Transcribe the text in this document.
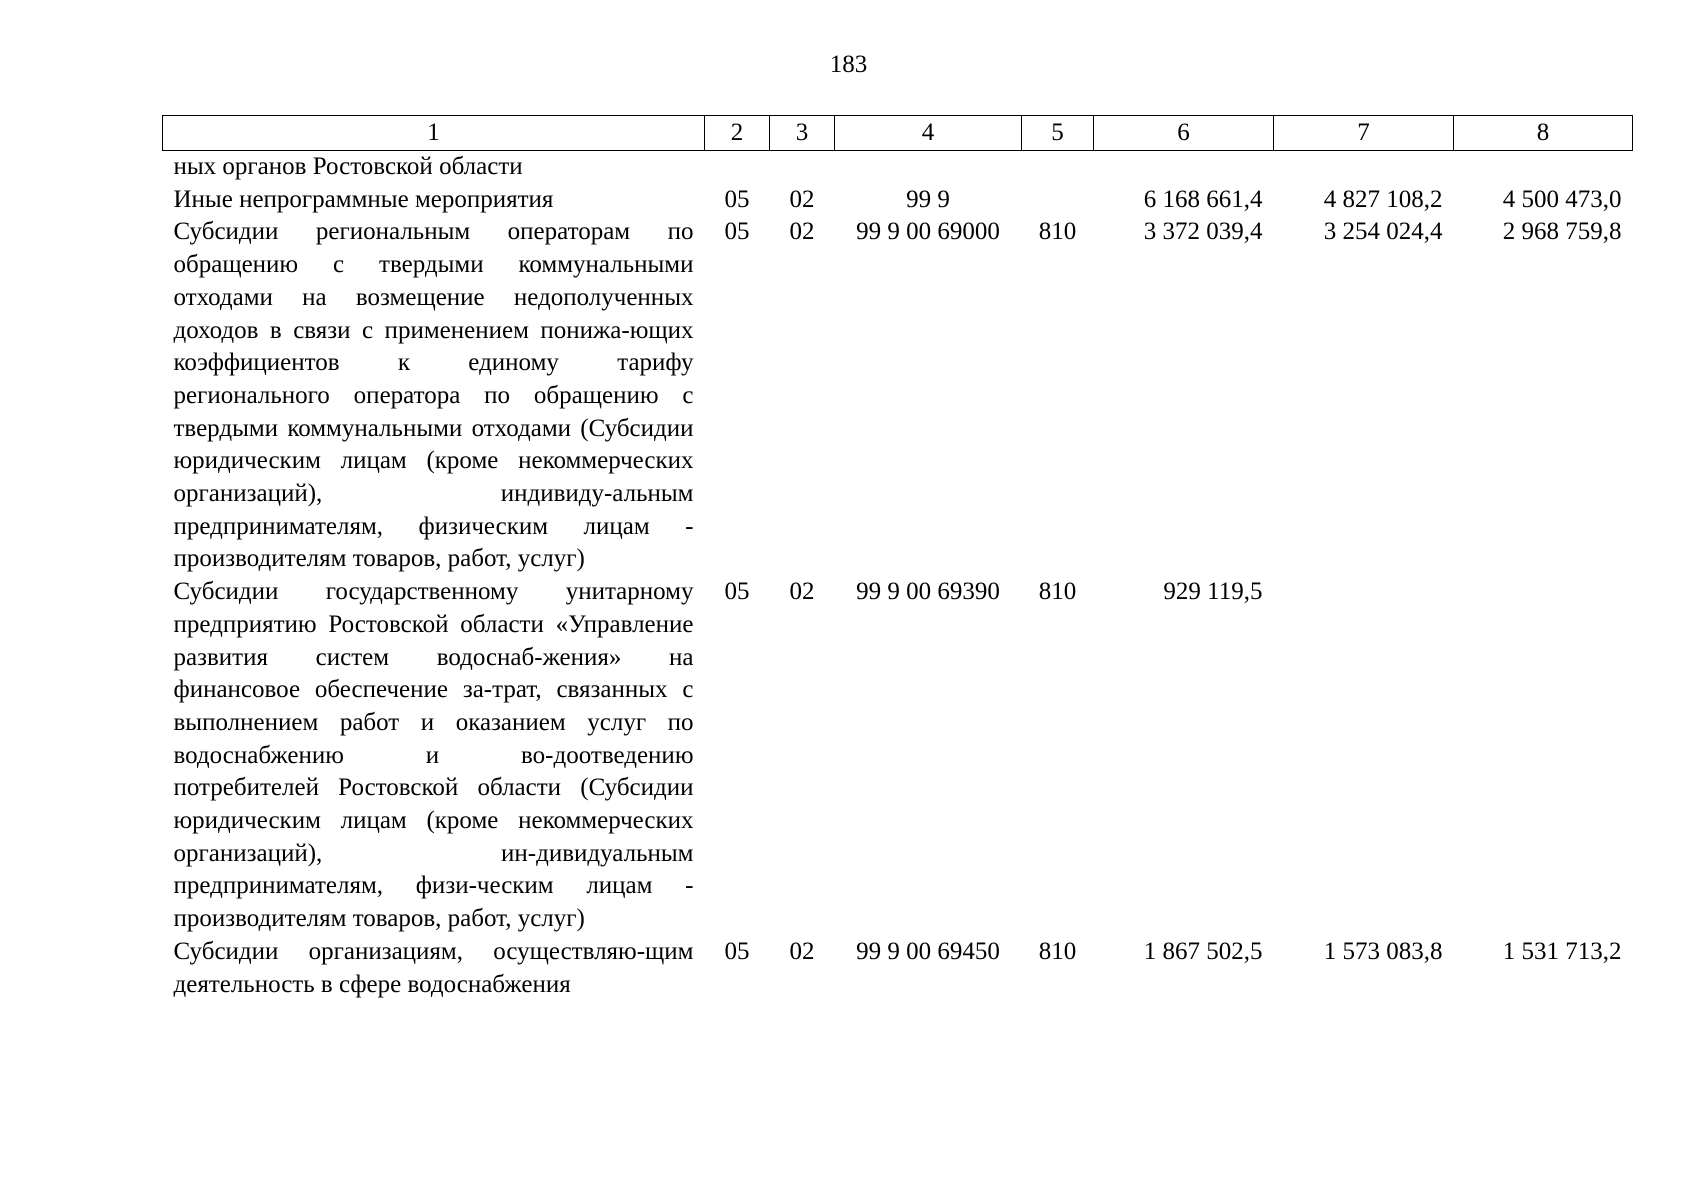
183
1	2	3	4	5	6	7	8
ных органов Ростовской области							
Иные непрограммные мероприятия	05	02	99 9		6 168 661,4	4 827 108,2	4 500 473,0
Субсидии региональным операторам по обращению с твердыми коммунальными отходами на возмещение недополученных доходов в связи с применением понижа-ющих коэффициентов к единому тарифу регионального оператора по обращению с твердыми коммунальными отходами (Субсидии юридическим лицам (кроме некоммерческих организаций), индивиду-альным предпринимателям, физическим лицам - производителям товаров, работ, услуг)	05	02	99 9 00 69000	810	3 372 039,4	3 254 024,4	2 968 759,8
Субсидии государственному унитарному предприятию Ростовской области «Управление развития систем водоснаб-жения» на финансовое обеспечение за-трат, связанных с выполнением работ и оказанием услуг по водоснабжению и во-доотведению потребителей Ростовской области (Субсидии юридическим лицам (кроме некоммерческих организаций), ин-дивидуальным предпринимателям, физи-ческим лицам - производителям товаров, работ, услуг)	05	02	99 9 00 69390	810	929 119,5		
Субсидии организациям, осуществляю-щим деятельность в сфере водоснабжения	05	02	99 9 00 69450	810	1 867 502,5	1 573 083,8	1 531 713,2
